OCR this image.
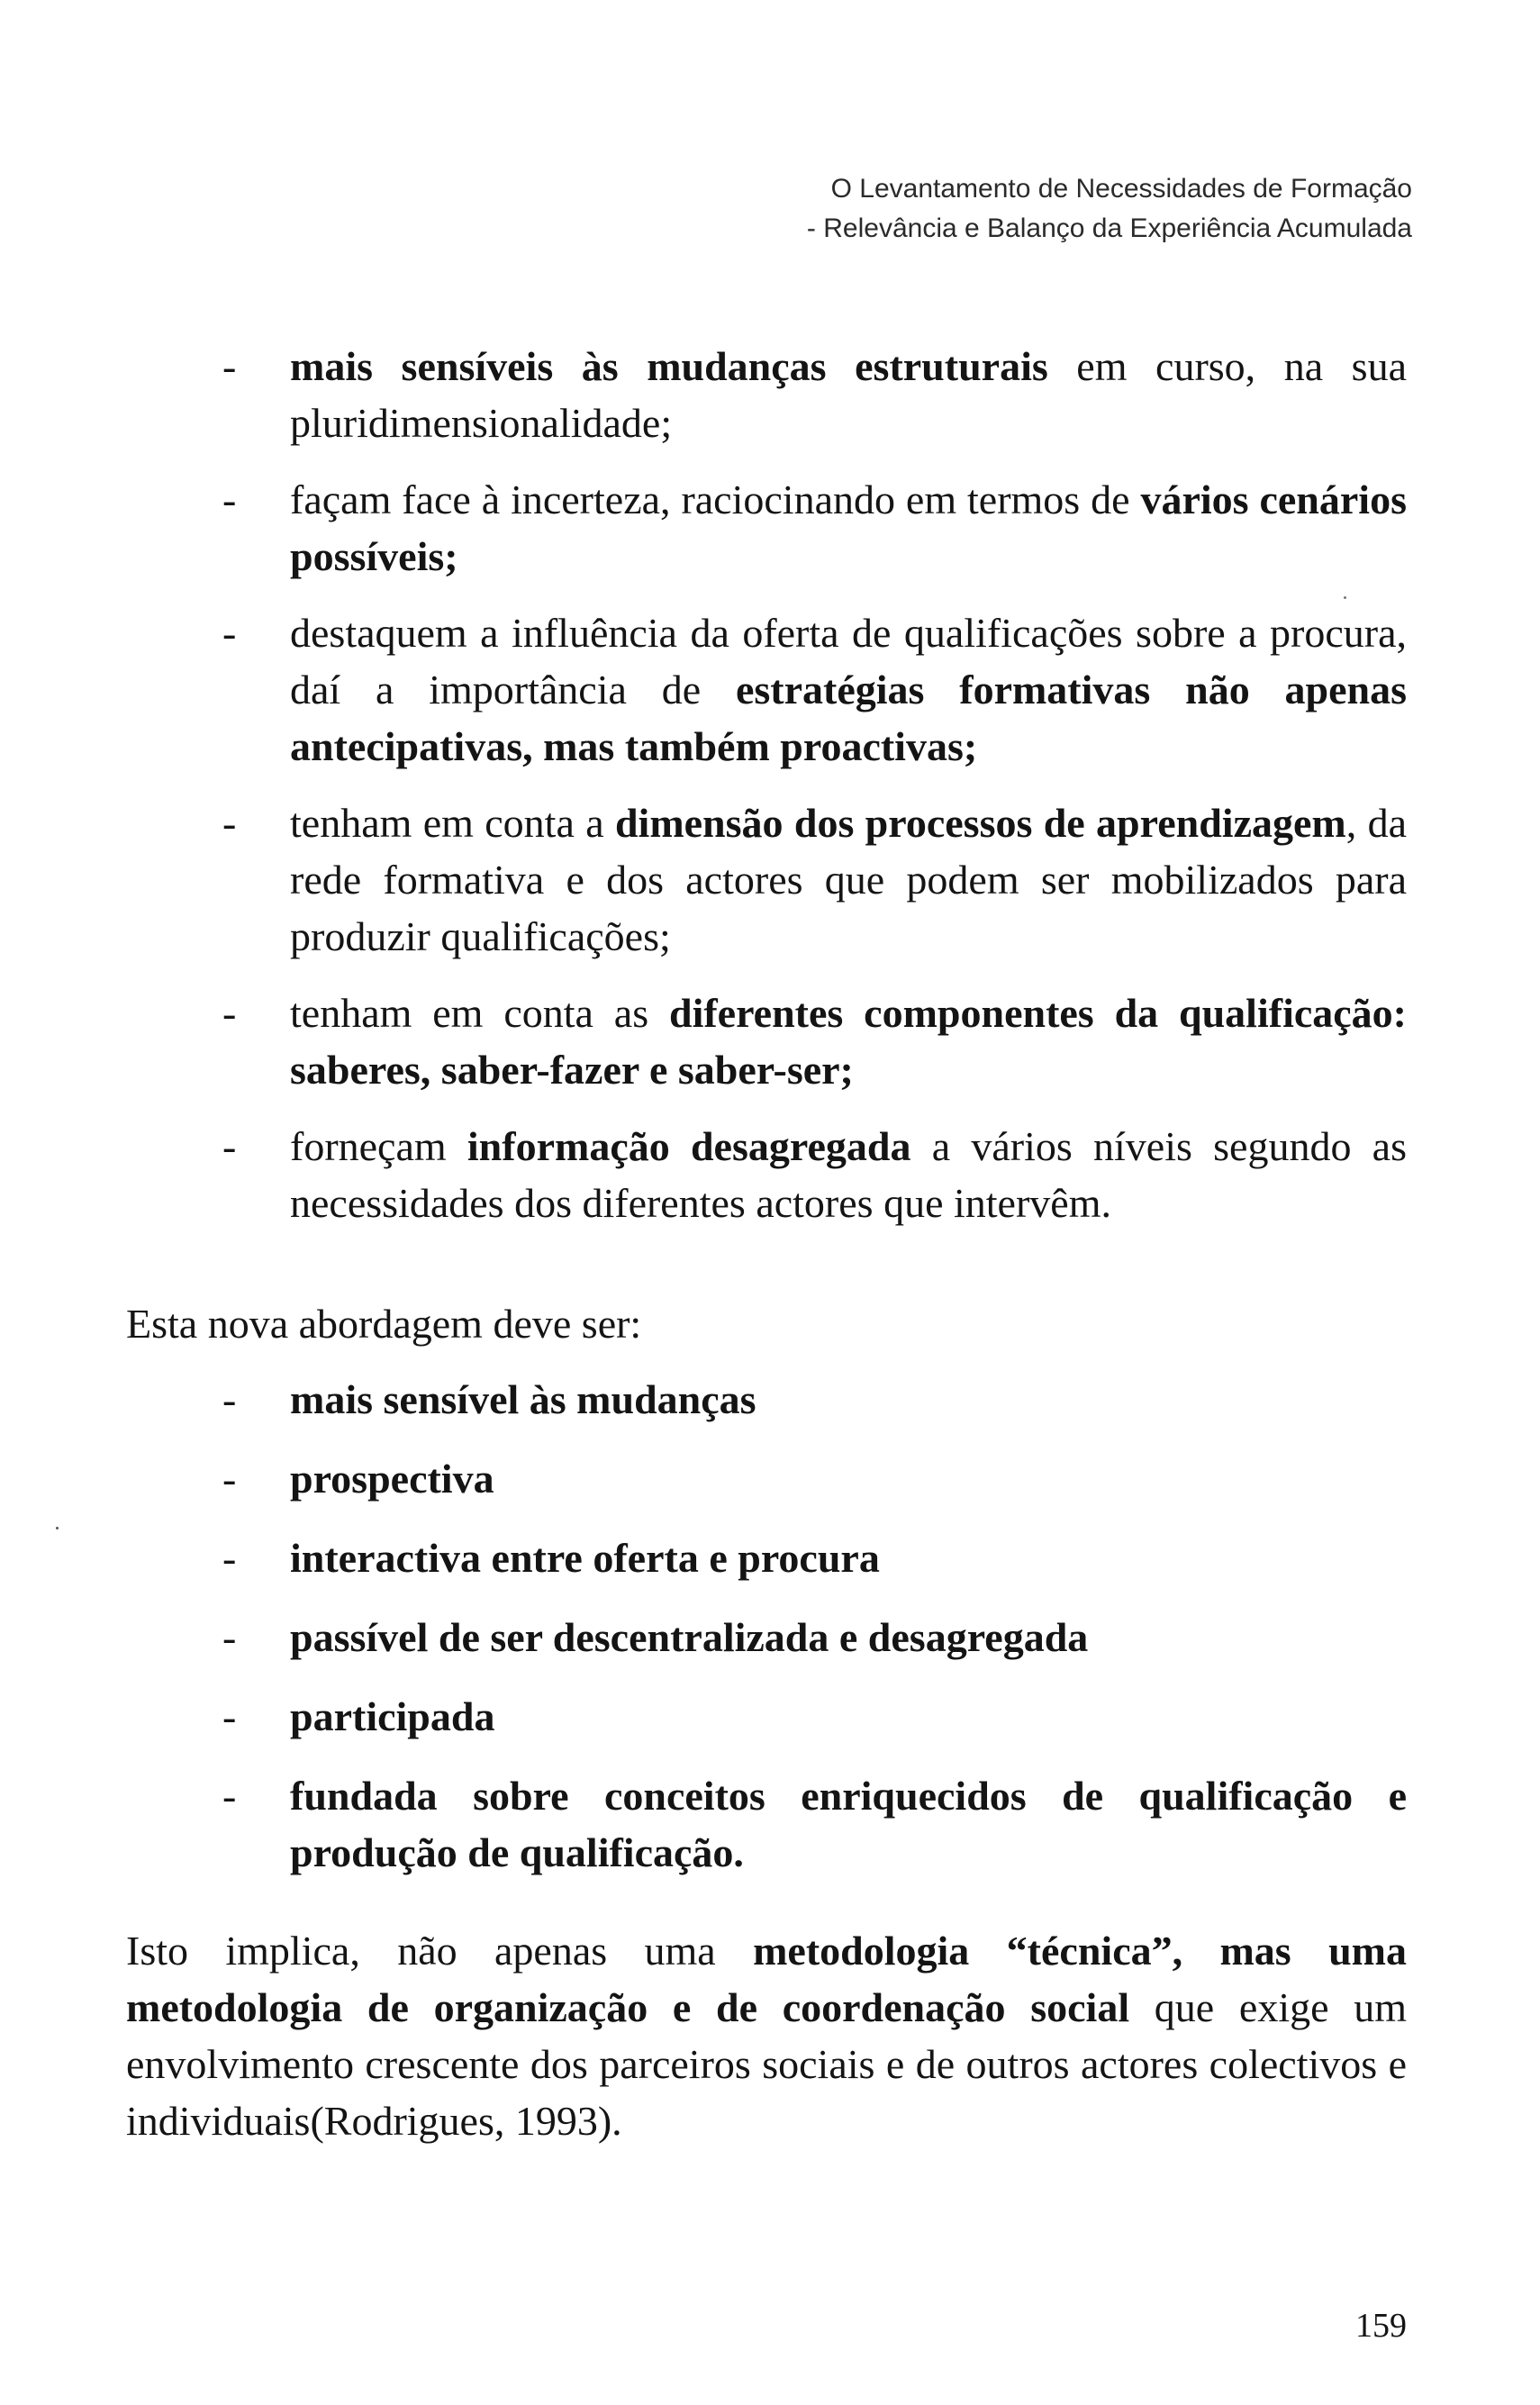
O Levantamento de Necessidades de Formação
- Relevância e Balanço da Experiência Acumulada
-	mais sensíveis às mudanças estruturais em curso, na sua pluridimensionalidade;
-	façam face à incerteza, raciocinando em termos de vários cenários possíveis;
-	destaquem a influência da oferta de qualificações sobre a procura, daí a importância de estratégias formativas não apenas antecipativas, mas também proactivas;
-	tenham em conta a dimensão dos processos de aprendizagem, da rede formativa e dos actores que podem ser mobilizados para produzir qualificações;
-	tenham em conta as diferentes componentes da qualificação: saberes, saber-fazer e saber-ser;
-	forneçam informação desagregada a vários níveis segundo as necessidades dos diferentes actores que intervêm.
Esta nova abordagem deve ser:
-	mais sensível às mudanças
-	prospectiva
-	interactiva entre oferta e procura
-	passível de ser descentralizada e desagregada
-	participada
-	fundada sobre conceitos enriquecidos de qualificação e produção de qualificação.
Isto implica, não apenas uma metodologia “técnica”, mas uma metodologia de organização e de coordenação social que exige um envolvimento crescente dos parceiros sociais e de outros actores colectivos e individuais(Rodrigues, 1993).
159
